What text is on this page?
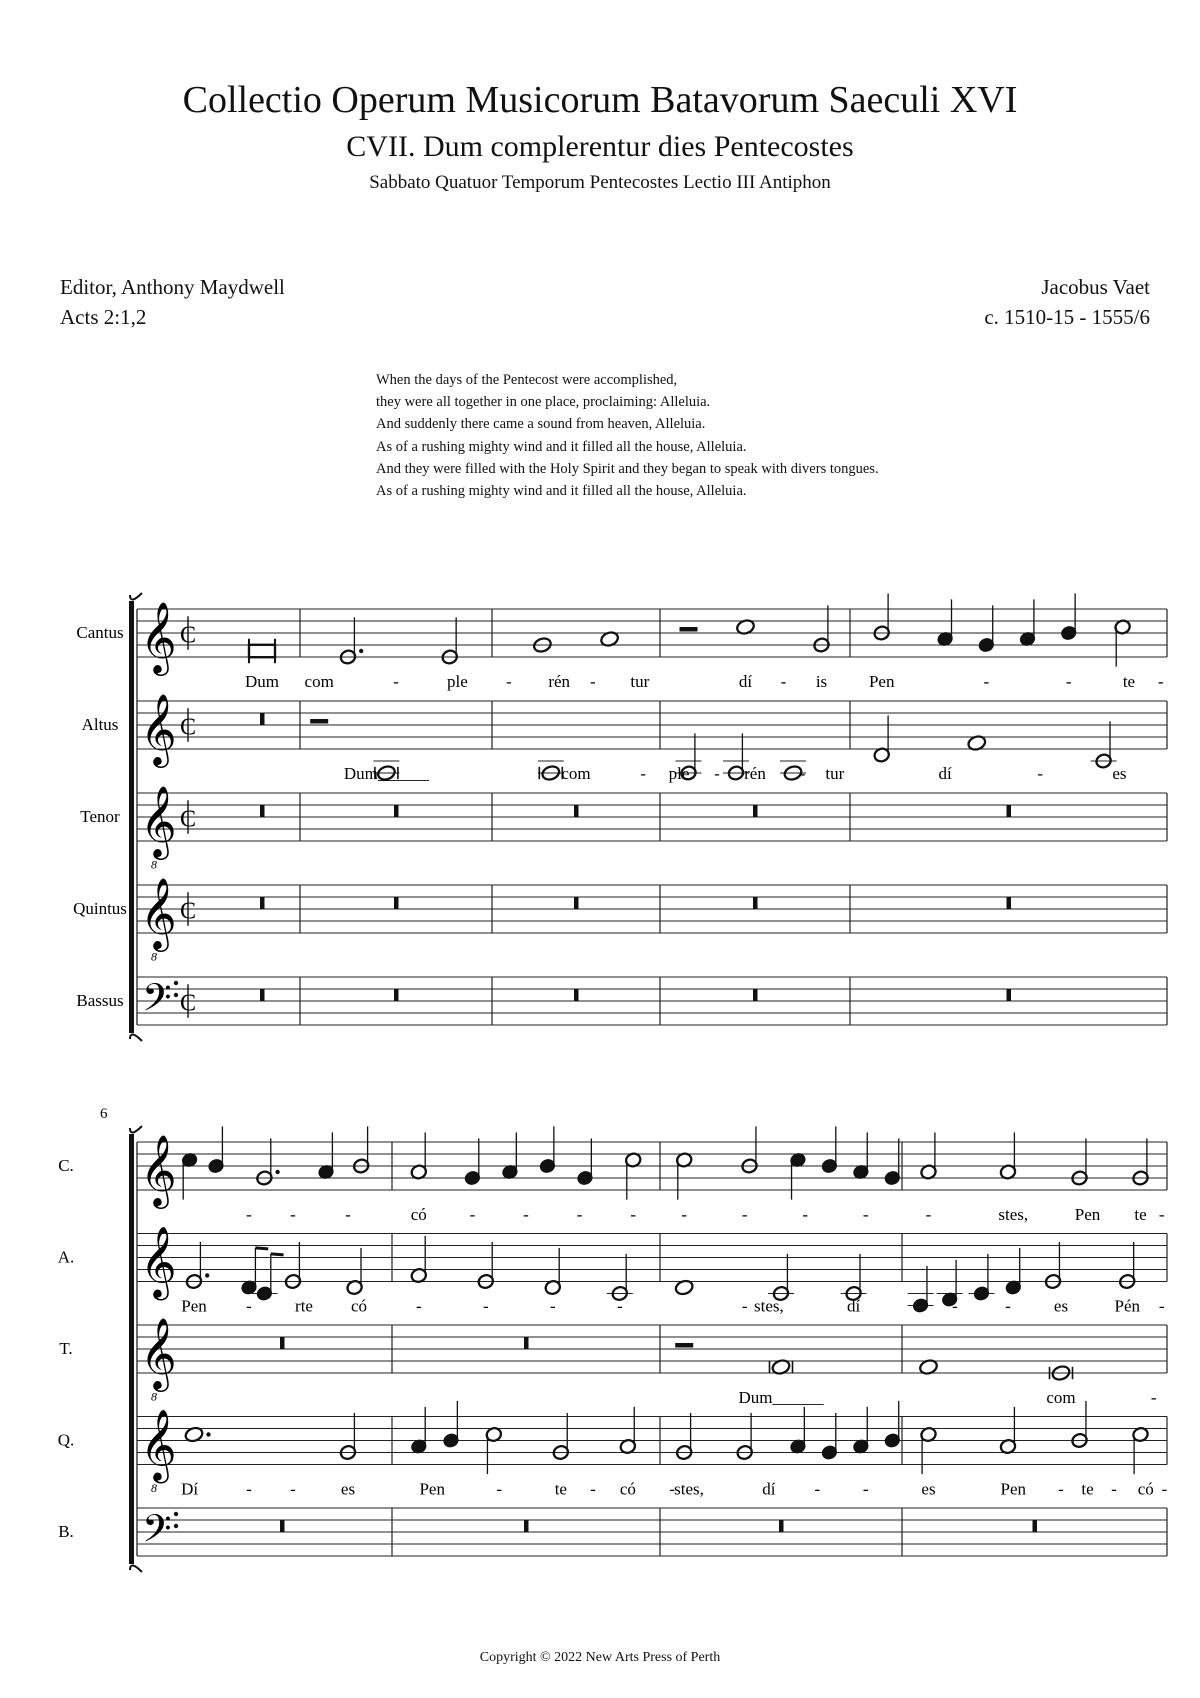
Collectio Operum Musicorum Batavorum Saeculi XVI
CVII. Dum complerentur dies Pentecostes
Sabbato Quatuor Temporum Pentecostes Lectio III Antiphon
Editor, Anthony Maydwell
Acts 2:1,2
Jacobus Vaet
c. 1510-15 - 1555/6
When the days of the Pentecost were accomplished,
they were all together in one place, proclaiming: Alleluia.
And suddenly there came a sound from heaven, Alleluia.
As of a rushing mighty wind and it filled all the house, Alleluia.
And they were filled with the Holy Spirit and they began to speak with divers tongues.
As of a rushing mighty wind and it filled all the house, Alleluia.
Cantus 𝄞 C
Dum com	-	ple - rén - tur	dí - is Pen	-	-	te -
Altus 𝄞 C
Dum______	com	- ple - rén - tur	dí	-	es
Tenor 𝄞
8
C
Quintus 𝄞
8
C
Bassus 𝄢 C
6
C. 𝄞
- -	-	có	-	-	-	-	-	-	-	-	-	stes,	Pen te -
A. 𝄞
Pen -	rte có	-	-	-	-	- stes,	dí	-	-	es	Pén -
T. 𝄞
8	Dum______	com	-
Q. 𝄞
8 Dí	- -	es	Pen	-	te - có - stes,	dí -	-	es	Pen - te - có -
B. 𝄢
Copyright © 2022 New Arts Press of Perth
